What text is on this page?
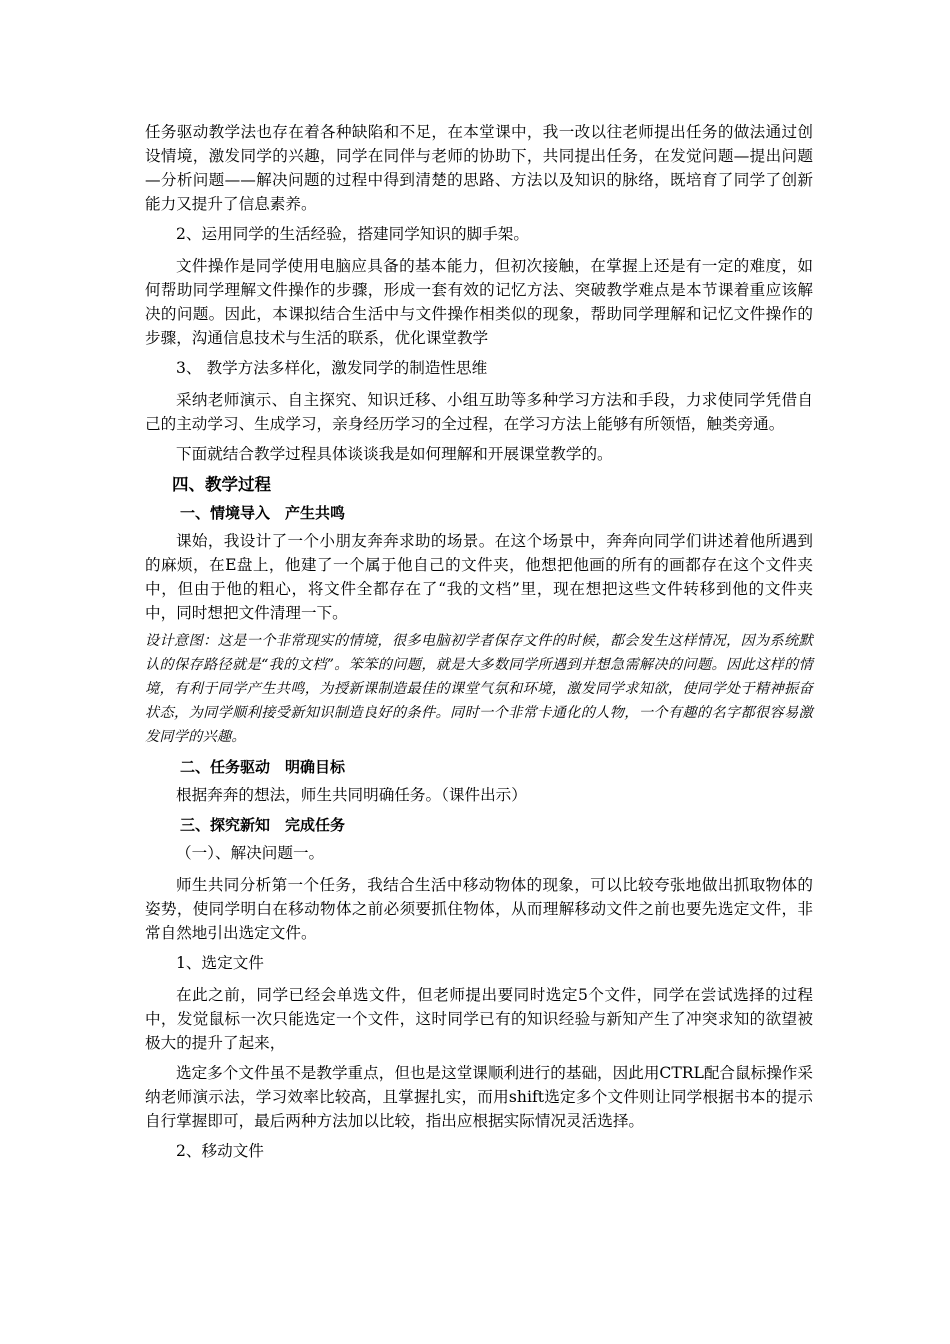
任务驱动教学法也存在着各种缺陷和不足，在本堂课中，我一改以往老师提出任务的做法通过创设情境，激发同学的兴趣，同学在同伴与老师的协助下，共同提出任务，在发觉问题—提出问题—分析问题——解决问题的过程中得到清楚的思路、方法以及知识的脉络，既培育了同学了创新能力又提升了信息素养。

2、运用同学的生活经验，搭建同学知识的脚手架。

文件操作是同学使用电脑应具备的基本能力，但初次接触，在掌握上还是有一定的难度，如何帮助同学理解文件操作的步骤，形成一套有效的记忆方法、突破教学难点是本节课着重应该解决的问题。因此，本课拟结合生活中与文件操作相类似的现象，帮助同学理解和记忆文件操作的步骤，沟通信息技术与生活的联系，优化课堂教学

3、 教学方法多样化，激发同学的制造性思维

采纳老师演示、自主探究、知识迁移、小组互助等多种学习方法和手段，力求使同学凭借自己的主动学习、生成学习，亲身经历学习的全过程，在学习方法上能够有所领悟，触类旁通。

下面就结合教学过程具体谈谈我是如何理解和开展课堂教学的。

四、教学过程

一、情境导入　产生共鸣

课始，我设计了一个小朋友奔奔求助的场景。在这个场景中，奔奔向同学们讲述着他所遇到的麻烦，在E盘上，他建了一个属于他自己的文件夹，他想把他画的所有的画都存在这个文件夹中，但由于他的粗心，将文件全都存在了“我的文档”里，现在想把这些文件转移到他的文件夹中，同时想把文件清理一下。

设计意图：这是一个非常现实的情境，很多电脑初学者保存文件的时候，都会发生这样情况，因为系统默认的保存路径就是“我的文档”。笨笨的问题，就是大多数同学所遇到并想急需解决的问题。因此这样的情境，有利于同学产生共鸣，为授新课制造最佳的课堂气氛和环境，激发同学求知欲，使同学处于精神振奋状态，为同学顺利接受新知识制造良好的条件。同时一个非常卡通化的人物，一个有趣的名字都很容易激发同学的兴趣。

二、任务驱动　明确目标

根据奔奔的想法，师生共同明确任务。（课件出示）

三、探究新知　完成任务

（一）、解决问题一。

师生共同分析第一个任务，我结合生活中移动物体的现象，可以比较夸张地做出抓取物体的姿势，使同学明白在移动物体之前必须要抓住物体，从而理解移动文件之前也要先选定文件，非常自然地引出选定文件。

1、选定文件

在此之前，同学已经会单选文件，但老师提出要同时选定5个文件，同学在尝试选择的过程中，发觉鼠标一次只能选定一个文件，这时同学已有的知识经验与新知产生了冲突求知的欲望被极大的提升了起来，

选定多个文件虽不是教学重点，但也是这堂课顺利进行的基础，因此用CTRL配合鼠标操作采纳老师演示法，学习效率比较高，且掌握扎实，而用shift选定多个文件则让同学根据书本的提示自行掌握即可，最后两种方法加以比较，指出应根据实际情况灵活选择。

2、移动文件
